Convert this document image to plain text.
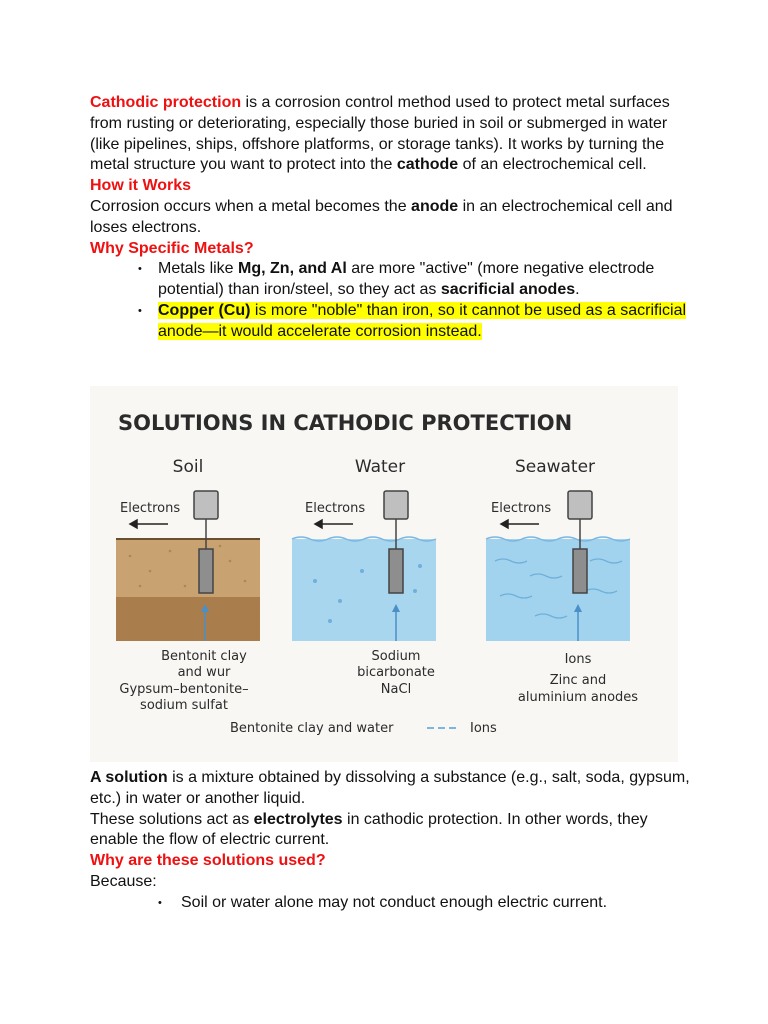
Cathodic protection is a corrosion control method used to protect metal surfaces from rusting or deteriorating, especially those buried in soil or submerged in water (like pipelines, ships, offshore platforms, or storage tanks). It works by turning the metal structure you want to protect into the cathode of an electrochemical cell.
How it Works
Corrosion occurs when a metal becomes the anode in an electrochemical cell and loses electrons.
Why Specific Metals?
• Metals like Mg, Zn, and Al are more "active" (more negative electrode potential) than iron/steel, so they act as sacrificial anodes.
• Copper (Cu) is more "noble" than iron, so it cannot be used as a sacrificial anode—it would accelerate corrosion instead.
SOLUTIONS IN CATHODIC PROTECTION
Soil	Water	Seawater
Electrons	Electrons	Electrons
Bentonit clay
and wur
Gypsum–bentonite–
sodium sulfat
Sodium
bicarbonate
NaCl
Ions
Zinc and
aluminium anodes
Bentonite clay and water	Ions
A solution is a mixture obtained by dissolving a substance (e.g., salt, soda, gypsum, etc.) in water or another liquid.
These solutions act as electrolytes in cathodic protection. In other words, they enable the flow of electric current.
Why are these solutions used?
Because:
• Soil or water alone may not conduct enough electric current.
